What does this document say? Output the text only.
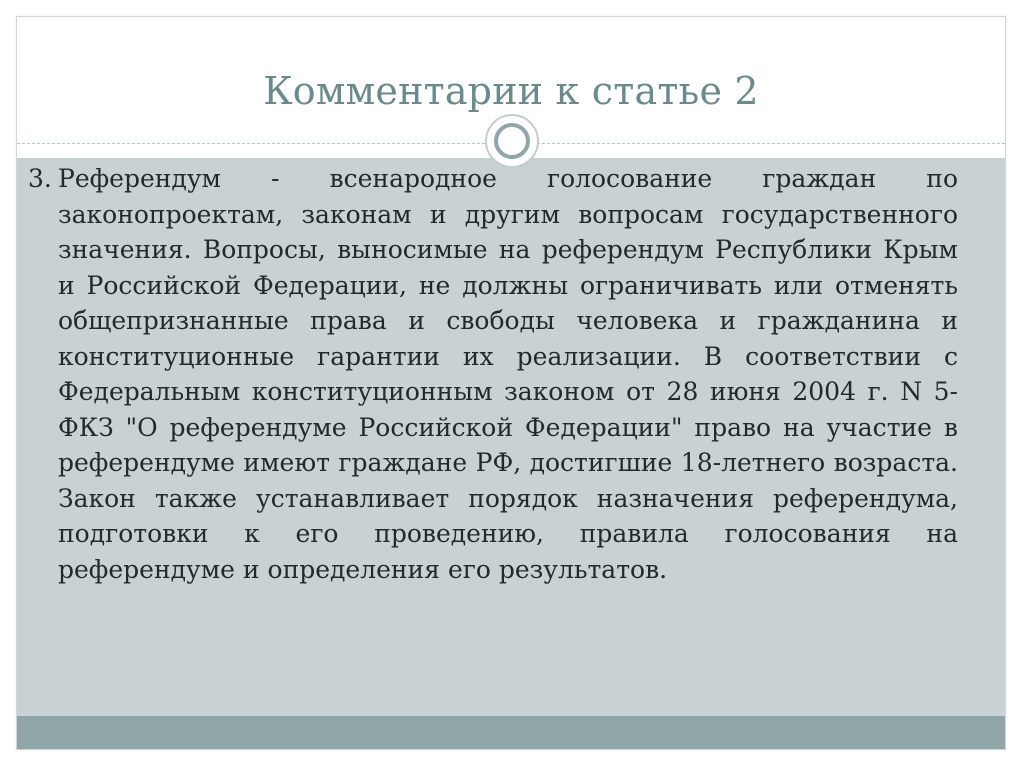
Комментарии к статье 2
3. Референдум - всенародное голосование граждан по законопроектам, законам и другим вопросам государственного значения. Вопросы, выносимые на референдум Республики Крым и Российской Федерации, не должны ограничивать или отменять общепризнанные права и свободы человека и гражданина и конституционные гарантии их реализации. В соответствии с Федеральным конституционным законом от 28 июня 2004 г. N 5-ФКЗ "О референдуме Российской Федерации" право на участие в референдуме имеют граждане РФ, достигшие 18-летнего возраста. Закон также устанавливает порядок назначения референдума, подготовки к его проведению, правила голосования на референдуме и определения его результатов.
